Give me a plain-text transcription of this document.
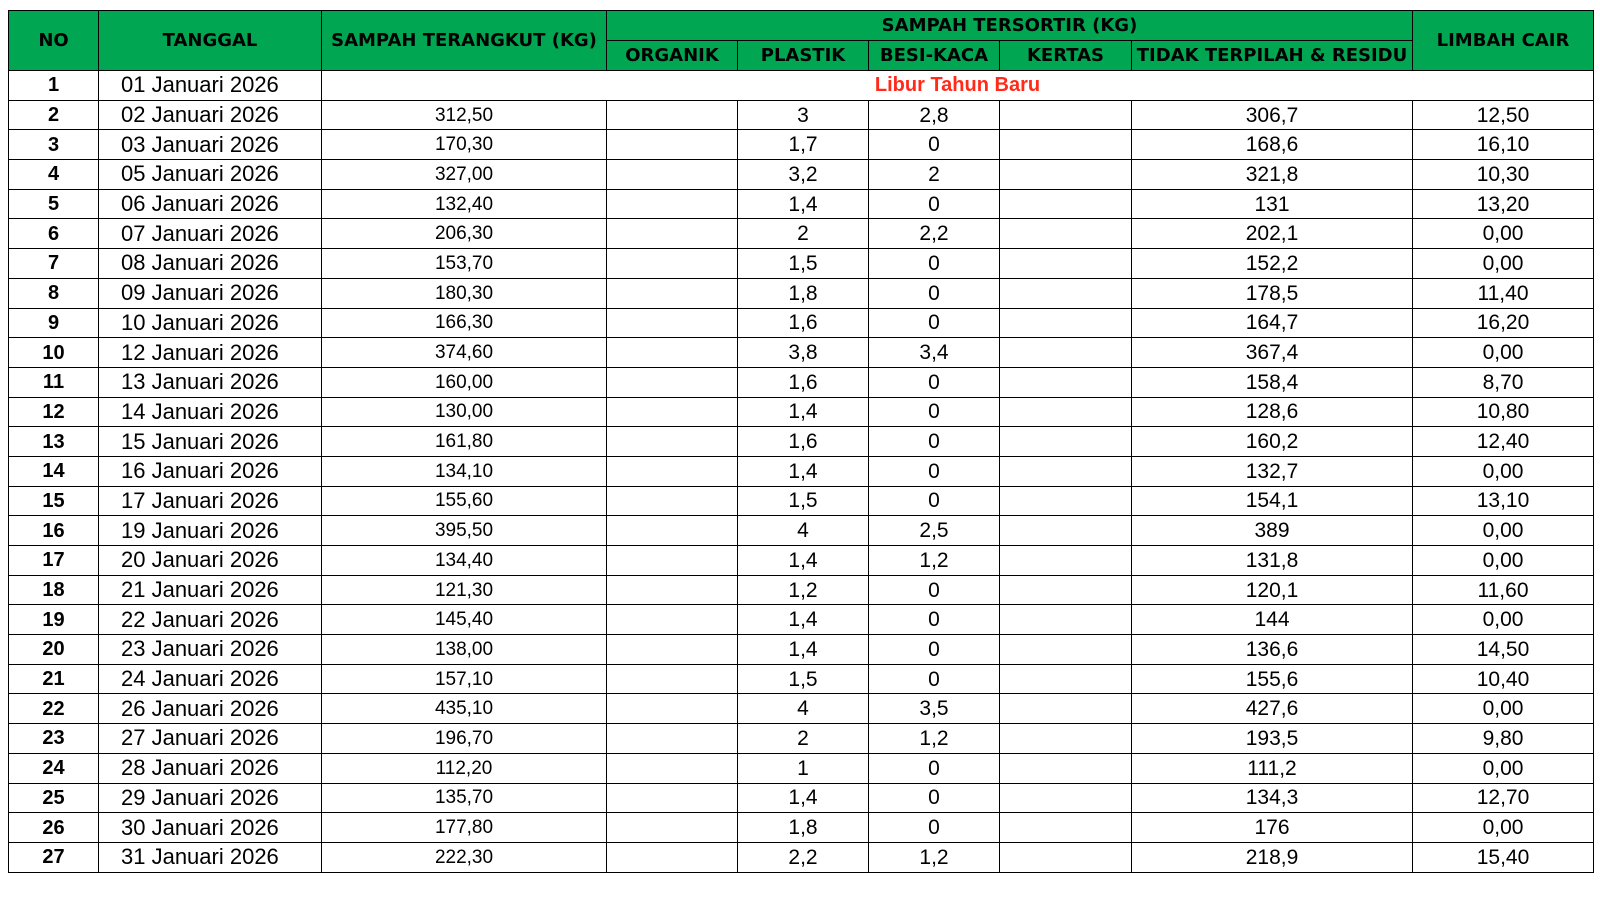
NO	TANGGAL	SAMPAH TERANGKUT (KG)	SAMPAH TERSORTIR (KG)					LIMBAH CAIR
			ORGANIK	PLASTIK	BESI-KACA	KERTAS	TIDAK TERPILAH & RESIDU	
1	01 Januari 2026	Libur Tahun Baru						
2	02 Januari 2026	312,50		3	2,8		306,7	12,50
3	03 Januari 2026	170,30		1,7	0		168,6	16,10
4	05 Januari 2026	327,00		3,2	2		321,8	10,30
5	06 Januari 2026	132,40		1,4	0		131	13,20
6	07 Januari 2026	206,30		2	2,2		202,1	0,00
7	08 Januari 2026	153,70		1,5	0		152,2	0,00
8	09 Januari 2026	180,30		1,8	0		178,5	11,40
9	10 Januari 2026	166,30		1,6	0		164,7	16,20
10	12 Januari 2026	374,60		3,8	3,4		367,4	0,00
11	13 Januari 2026	160,00		1,6	0		158,4	8,70
12	14 Januari 2026	130,00		1,4	0		128,6	10,80
13	15 Januari 2026	161,80		1,6	0		160,2	12,40
14	16 Januari 2026	134,10		1,4	0		132,7	0,00
15	17 Januari 2026	155,60		1,5	0		154,1	13,10
16	19 Januari 2026	395,50		4	2,5		389	0,00
17	20 Januari 2026	134,40		1,4	1,2		131,8	0,00
18	21 Januari 2026	121,30		1,2	0		120,1	11,60
19	22 Januari 2026	145,40		1,4	0		144	0,00
20	23 Januari 2026	138,00		1,4	0		136,6	14,50
21	24 Januari 2026	157,10		1,5	0		155,6	10,40
22	26 Januari 2026	435,10		4	3,5		427,6	0,00
23	27 Januari 2026	196,70		2	1,2		193,5	9,80
24	28 Januari 2026	112,20		1	0		111,2	0,00
25	29 Januari 2026	135,70		1,4	0		134,3	12,70
26	30 Januari 2026	177,80		1,8	0		176	0,00
27	31 Januari 2026	222,30		2,2	1,2		218,9	15,40
